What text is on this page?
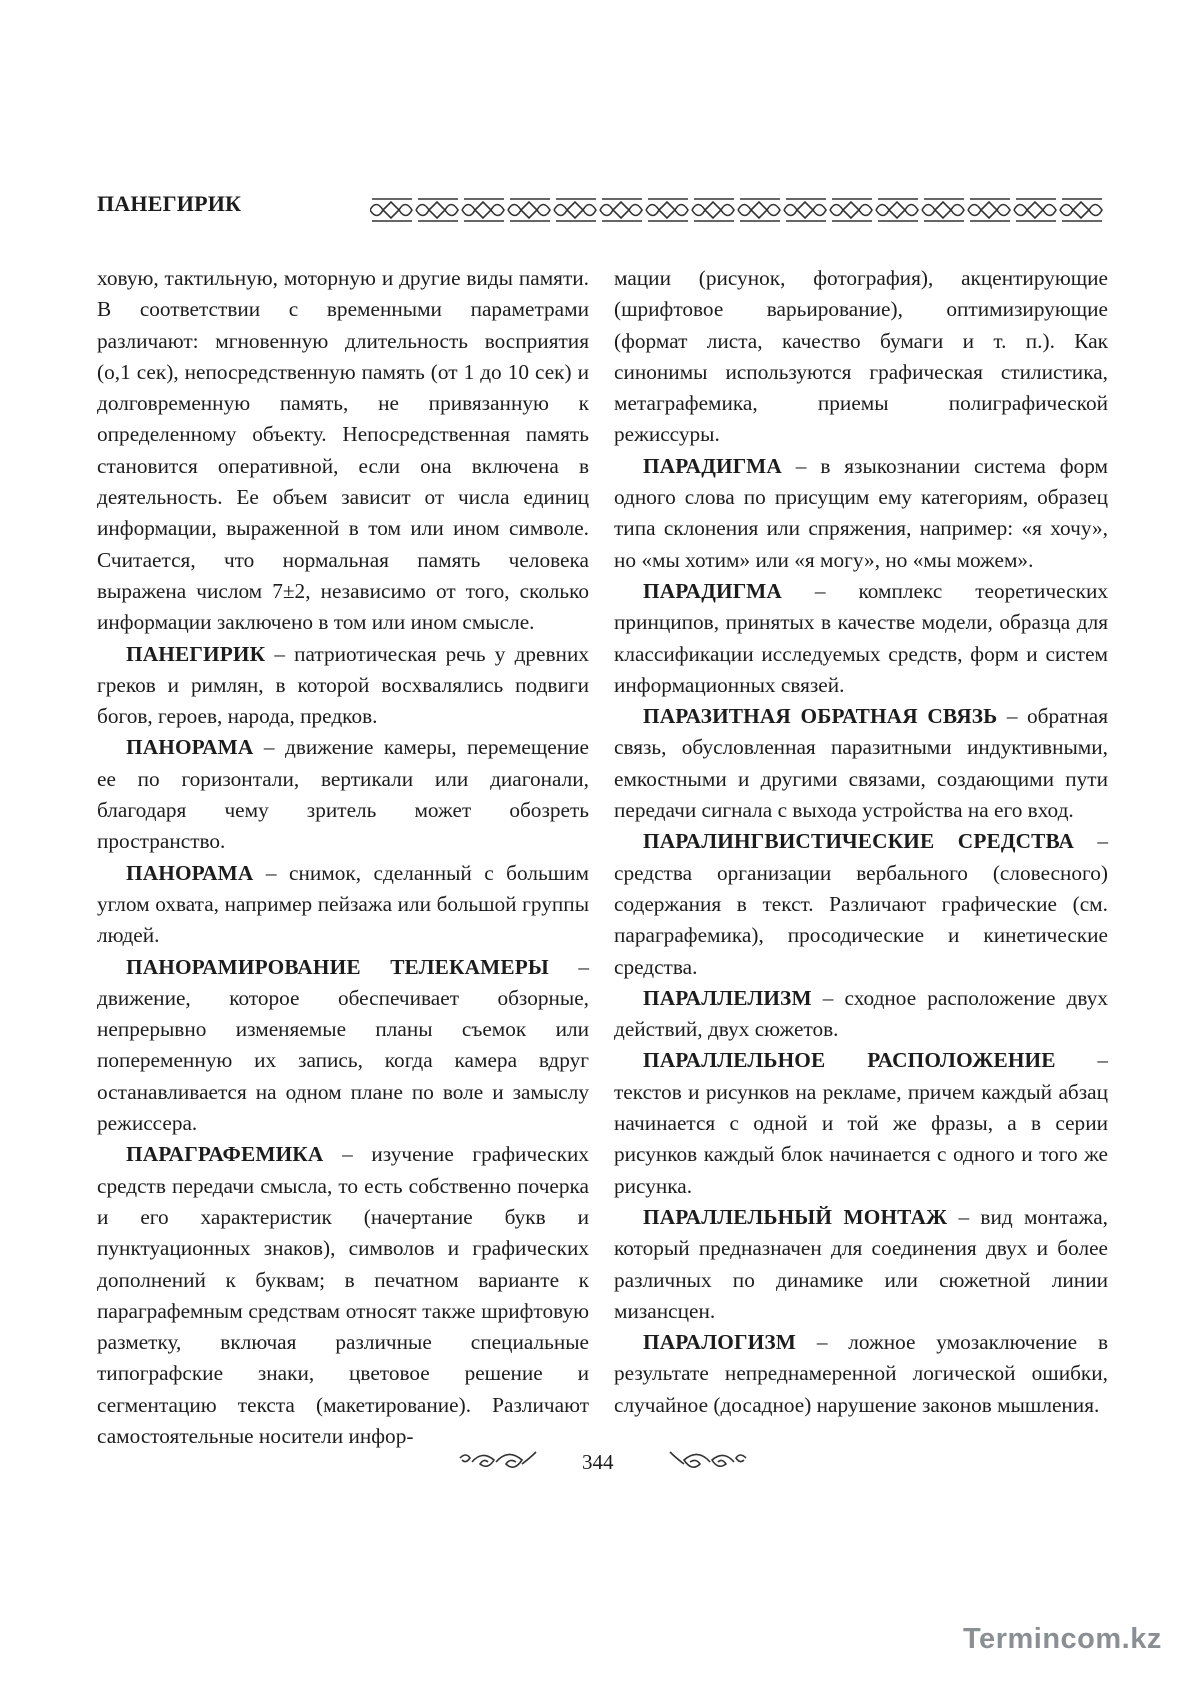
ПАНЕГИРИК

ховую, тактильную, моторную и другие виды памяти. В соответствии с временными параметрами различают: мгновенную длительность восприятия (о,1 сек), непосредственную память (от 1 до 10 сек) и долговременную память, не привязанную к определенному объекту. Непосредственная память становится оперативной, если она включена в деятельность. Ее объем зависит от числа единиц информации, выраженной в том или ином символе. Считается, что нормальная память человека выражена числом 7±2, независимо от того, сколько информации заключено в том или ином смысле.

ПАНЕГИРИК – патриотическая речь у древних греков и римлян, в которой восхвалялись подвиги богов, героев, народа, предков.

ПАНОРАМА – движение камеры, перемещение ее по горизонтали, вертикали или диагонали, благодаря чему зритель может обозреть пространство.

ПАНОРАМА – снимок, сделанный с большим углом охвата, например пейзажа или большой группы людей.

ПАНОРАМИРОВАНИЕ ТЕЛЕКАМЕРЫ – движение, которое обеспечивает обзорные, непрерывно изменяемые планы съемок или попеременную их запись, когда камера вдруг останавливается на одном плане по воле и замыслу режиссера.

ПАРАГРАФЕМИКА – изучение графических средств передачи смысла, то есть собственно почерка и его характеристик (начертание букв и пунктуационных знаков), символов и графических дополнений к буквам; в печатном варианте к параграфемным средствам относят также шрифтовую разметку, включая различные специальные типографские знаки, цветовое решение и сегментацию текста (макетирование). Различают самостоятельные носители инфор-

мации (рисунок, фотография), акцентирующие (шрифтовое варьирование), оптимизирующие (формат листа, качество бумаги и т. п.). Как синонимы используются графическая стилистика, метаграфемика, приемы полиграфической режиссуры.

ПАРАДИГМА – в языкознании система форм одного слова по присущим ему категориям, образец типа склонения или спряжения, например: «я хочу», но «мы хотим» или «я могу», но «мы можем».

ПАРАДИГМА – комплекс теоретических принципов, принятых в качестве модели, образца для классификации исследуемых средств, форм и систем информационных связей.

ПАРАЗИТНАЯ ОБРАТНАЯ СВЯЗЬ – обратная связь, обусловленная паразитными индуктивными, емкостными и другими связами, создающими пути передачи сигнала с выхода устройства на его вход.

ПАРАЛИНГВИСТИЧЕСКИЕ СРЕДСТВА – средства организации вербального (словесного) содержания в текст. Различают графические (см. параграфемика), просодические и кинетические средства.

ПАРАЛЛЕЛИЗМ – сходное расположение двух действий, двух сюжетов.

ПАРАЛЛЕЛЬНОЕ РАСПОЛОЖЕНИЕ – текстов и рисунков на рекламе, причем каждый абзац начинается с одной и той же фразы, а в серии рисунков каждый блок начинается с одного и того же рисунка.

ПАРАЛЛЕЛЬНЫЙ МОНТАЖ – вид монтажа, который предназначен для соединения двух и более различных по динамике или сюжетной линии мизансцен.

ПАРАЛОГИЗМ – ложное умозаключение в результате непреднамеренной логической ошибки, случайное (досадное) нарушение законов мышления.

344
Termincom.kz
